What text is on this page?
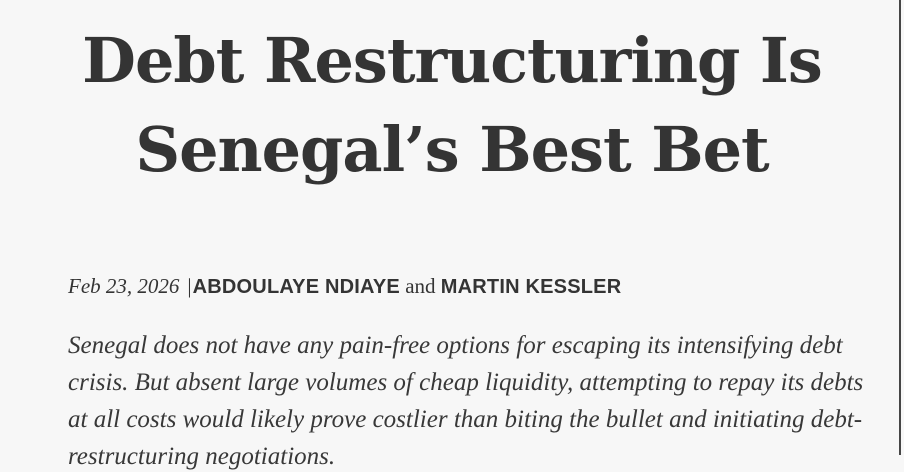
Debt Restructuring Is
Senegal’s Best Bet
Feb 23, 2026 |ABDOULAYE NDIAYE and MARTIN KESSLER

Senegal does not have any pain-free options for escaping its intensifying debt crisis. But absent large volumes of cheap liquidity, attempting to repay its debts at all costs would likely prove costlier than biting the bullet and initiating debt-restructuring negotiations.
